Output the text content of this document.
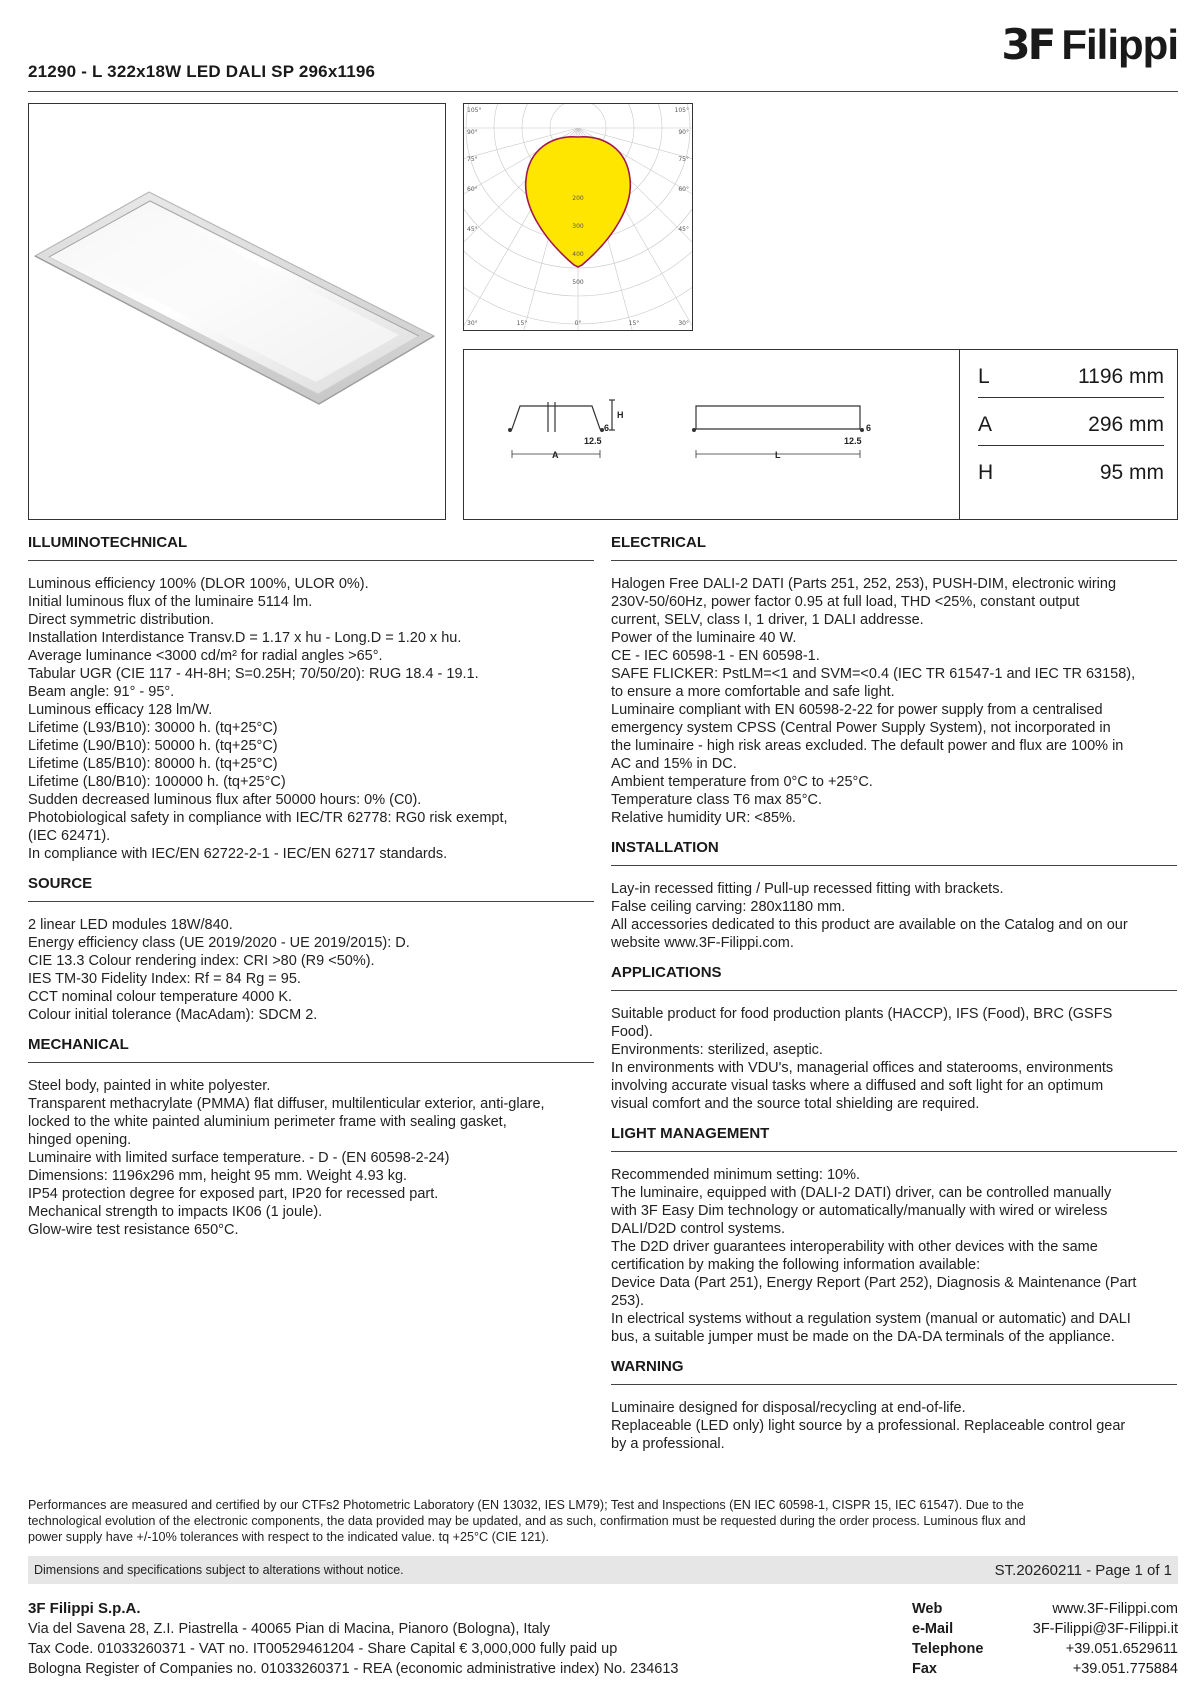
21290 - L 322x18W LED DALI SP 296x1196
3F Filippi
200
300
400
500
105°	105°
90°
75°
60°
45°
90°
75°
60°
45°
30°	15°	0°	15°	30°
H
6
12.5
A
6
12.5
L
L	1196 mm
A	296 mm
H	95 mm
ILLUMINOTECHNICAL
Luminous efficiency 100% (DLOR 100%, ULOR 0%).
Initial luminous flux of the luminaire 5114 lm.
Direct symmetric distribution.
Installation Interdistance Transv.D = 1.17 x hu - Long.D = 1.20 x hu.
Average luminance <3000 cd/m² for radial angles >65°.
Tabular UGR (CIE 117 - 4H-8H; S=0.25H; 70/50/20): RUG 18.4 - 19.1.
Beam angle: 91° - 95°.
Luminous efficacy 128 lm/W.
Lifetime (L93/B10): 30000 h. (tq+25°C)
Lifetime (L90/B10): 50000 h. (tq+25°C)
Lifetime (L85/B10): 80000 h. (tq+25°C)
Lifetime (L80/B10): 100000 h. (tq+25°C)
Sudden decreased luminous flux after 50000 hours: 0% (C0).
Photobiological safety in compliance with IEC/TR 62778: RG0 risk exempt,
(IEC 62471).
In compliance with IEC/EN 62722-2-1 - IEC/EN 62717 standards.
SOURCE
2 linear LED modules 18W/840.
Energy efficiency class (UE 2019/2020 - UE 2019/2015): D.
CIE 13.3 Colour rendering index: CRI >80 (R9 <50%).
IES TM-30 Fidelity Index: Rf = 84 Rg = 95.
CCT nominal colour temperature 4000 K.
Colour initial tolerance (MacAdam): SDCM 2.
MECHANICAL
Steel body, painted in white polyester.
Transparent methacrylate (PMMA) flat diffuser, multilenticular exterior, anti-glare,
locked to the white painted aluminium perimeter frame with sealing gasket,
hinged opening.
Luminaire with limited surface temperature. - D - (EN 60598-2-24)
Dimensions: 1196x296 mm, height 95 mm. Weight 4.93 kg.
IP54 protection degree for exposed part, IP20 for recessed part.
Mechanical strength to impacts IK06 (1 joule).
Glow-wire test resistance 650°C.
ELECTRICAL
Halogen Free DALI-2 DATI (Parts 251, 252, 253), PUSH-DIM, electronic wiring
230V-50/60Hz, power factor 0.95 at full load, THD <25%, constant output
current, SELV, class I, 1 driver, 1 DALI addresse.
Power of the luminaire 40 W.
CE - IEC 60598-1 - EN 60598-1.
SAFE FLICKER: PstLM=<1 and SVM=<0.4 (IEC TR 61547-1 and IEC TR 63158),
to ensure a more comfortable and safe light.
Luminaire compliant with EN 60598-2-22 for power supply from a centralised
emergency system CPSS (Central Power Supply System), not incorporated in
the luminaire - high risk areas excluded. The default power and flux are 100% in
AC and 15% in DC.
Ambient temperature from 0°C to +25°C.
Temperature class T6 max 85°C.
Relative humidity UR: <85%.
INSTALLATION
Lay-in recessed fitting / Pull-up recessed fitting with brackets.
False ceiling carving: 280x1180 mm.
All accessories dedicated to this product are available on the Catalog and on our
website www.3F-Filippi.com.
APPLICATIONS
Suitable product for food production plants (HACCP), IFS (Food), BRC (GSFS
Food).
Environments: sterilized, aseptic.
In environments with VDU's, managerial offices and staterooms, environments
involving accurate visual tasks where a diffused and soft light for an optimum
visual comfort and the source total shielding are required.
LIGHT MANAGEMENT
Recommended minimum setting: 10%.
The luminaire, equipped with (DALI-2 DATI) driver, can be controlled manually
with 3F Easy Dim technology or automatically/manually with wired or wireless
DALI/D2D control systems.
The D2D driver guarantees interoperability with other devices with the same
certification by making the following information available:
Device Data (Part 251), Energy Report (Part 252), Diagnosis & Maintenance (Part
253).
In electrical systems without a regulation system (manual or automatic) and DALI
bus, a suitable jumper must be made on the DA-DA terminals of the appliance.
WARNING
Luminaire designed for disposal/recycling at end-of-life.
Replaceable (LED only) light source by a professional. Replaceable control gear
by a professional.
Performances are measured and certified by our CTFs2 Photometric Laboratory (EN 13032, IES LM79); Test and Inspections (EN IEC 60598-1, CISPR 15, IEC 61547). Due to the
technological evolution of the electronic components, the data provided may be updated, and as such, confirmation must be requested during the order process. Luminous flux and
power supply have +/-10% tolerances with respect to the indicated value. tq +25°C (CIE 121).
Dimensions and specifications subject to alterations without notice.	ST.20260211 - Page 1 of 1
3F Filippi S.p.A.
Via del Savena 28, Z.I. Piastrella - 40065 Pian di Macina, Pianoro (Bologna), Italy
Tax Code. 01033260371 - VAT no. IT00529461204 - Share Capital € 3,000,000 fully paid up
Bologna Register of Companies no. 01033260371 - REA (economic administrative index) No. 234613
Web	www.3F-Filippi.com
e-Mail	3F-Filippi@3F-Filippi.it
Telephone	+39.051.6529611
Fax	+39.051.775884
